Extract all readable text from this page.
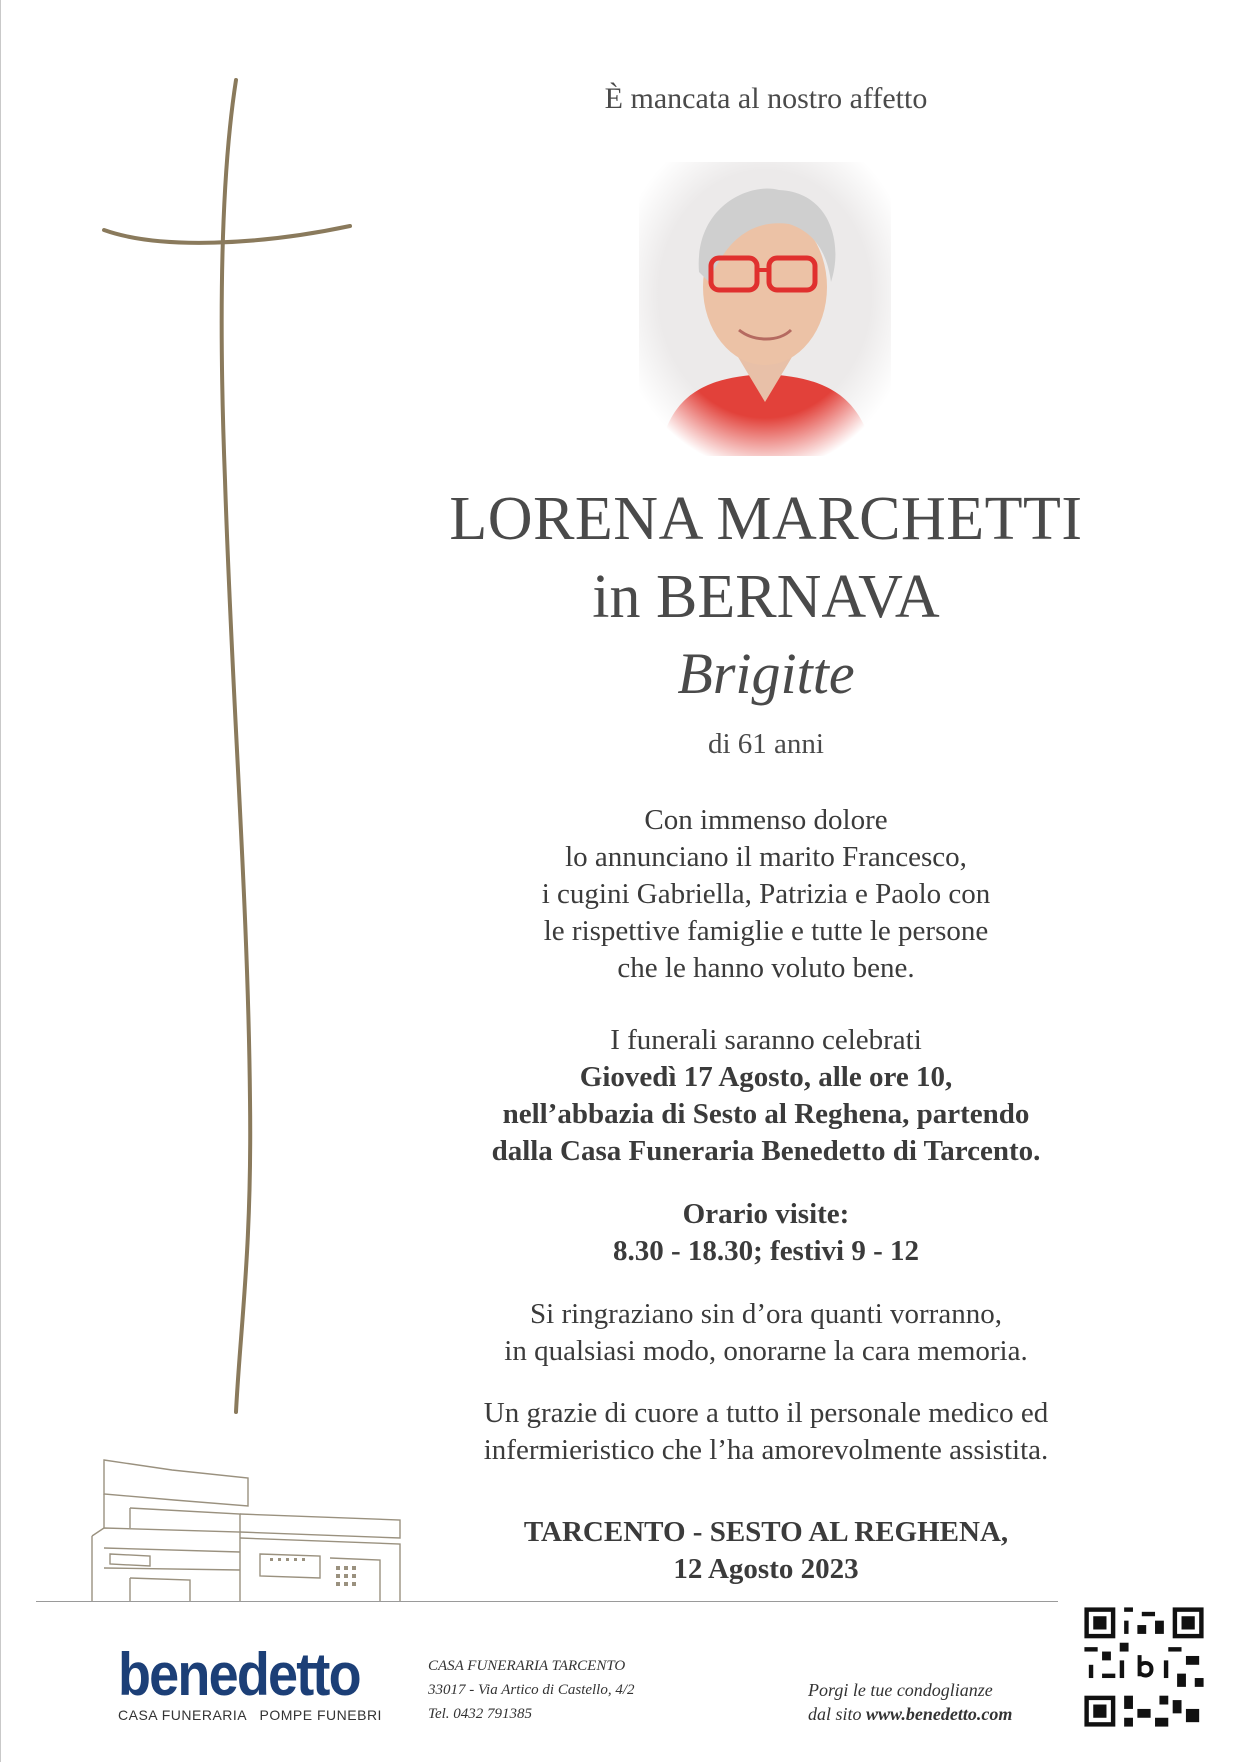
È mancata al nostro affetto
LORENA MARCHETTI
in BERNAVA
Brigitte
di 61 anni
Con immenso dolore
lo annunciano il marito Francesco,
i cugini Gabriella, Patrizia e Paolo con
le rispettive famiglie e tutte le persone
che le hanno voluto bene.
I funerali saranno celebrati
Giovedì 17 Agosto, alle ore 10,
nell’abbazia di Sesto al Reghena, partendo
dalla Casa Funeraria Benedetto di Tarcento.
Orario visite:
8.30 - 18.30; festivi 9 - 12
Si ringraziano sin d’ora quanti vorranno,
in qualsiasi modo, onorarne la cara memoria.
Un grazie di cuore a tutto il personale medico ed
infermieristico che l’ha amorevolmente assistita.
TARCENTO - SESTO AL REGHENA,
12 Agosto 2023
benedetto
CASA FUNERARIA   POMPE FUNEBRI
CASA FUNERARIA TARCENTO
33017 - Via Artico di Castello, 4/2
Tel. 0432 791385
Porgi le tue condoglianze
dal sito www.benedetto.com
